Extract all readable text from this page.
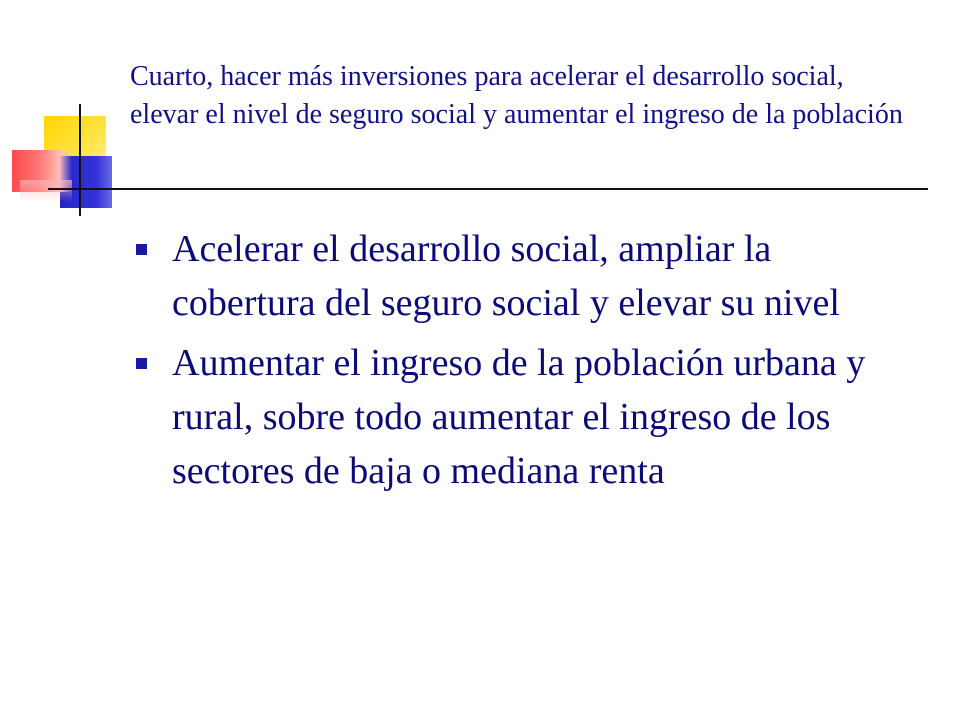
Cuarto, hacer más inversiones para acelerar el desarrollo social, elevar el nivel de seguro social y aumentar el ingreso de la población
Acelerar el desarrollo social, ampliar la cobertura del seguro social y elevar su nivel
Aumentar el ingreso de la población urbana y rural, sobre todo aumentar el ingreso de los sectores de baja o mediana renta
